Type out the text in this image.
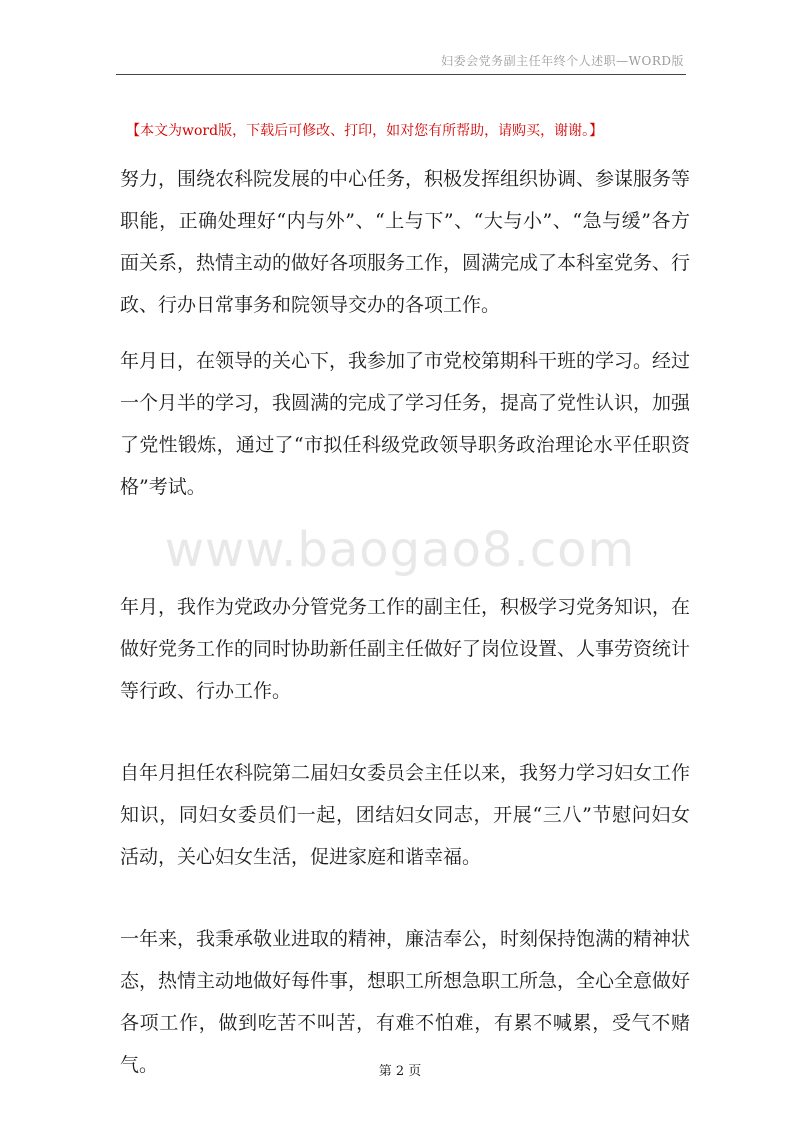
妇委会党务副主任年终个人述职—WORD版
【本文为word版，下载后可修改、打印，如对您有所帮助，请购买，谢谢。】

努力，围绕农科院发展的中心任务，积极发挥组织协调、参谋服务等职能，正确处理好“内与外”、“上与下”、“大与小”、“急与缓”各方面关系，热情主动的做好各项服务工作，圆满完成了本科室党务、行政、行办日常事务和院领导交办的各项工作。

年月日，在领导的关心下，我参加了市党校第期科干班的学习。经过一个月半的学习，我圆满的完成了学习任务，提高了党性认识，加强了党性锻炼，通过了“市拟任科级党政领导职务政治理论水平任职资格”考试。

www.baogao8.com

年月，我作为党政办分管党务工作的副主任，积极学习党务知识，在做好党务工作的同时协助新任副主任做好了岗位设置、人事劳资统计等行政、行办工作。

自年月担任农科院第二届妇女委员会主任以来，我努力学习妇女工作知识，同妇女委员们一起，团结妇女同志，开展“三八”节慰问妇女活动，关心妇女生活，促进家庭和谐幸福。

一年来，我秉承敬业进取的精神，廉洁奉公，时刻保持饱满的精神状态，热情主动地做好每件事，想职工所想急职工所急，全心全意做好各项工作，做到吃苦不叫苦，有难不怕难，有累不喊累，受气不赌气。	第 2 页
